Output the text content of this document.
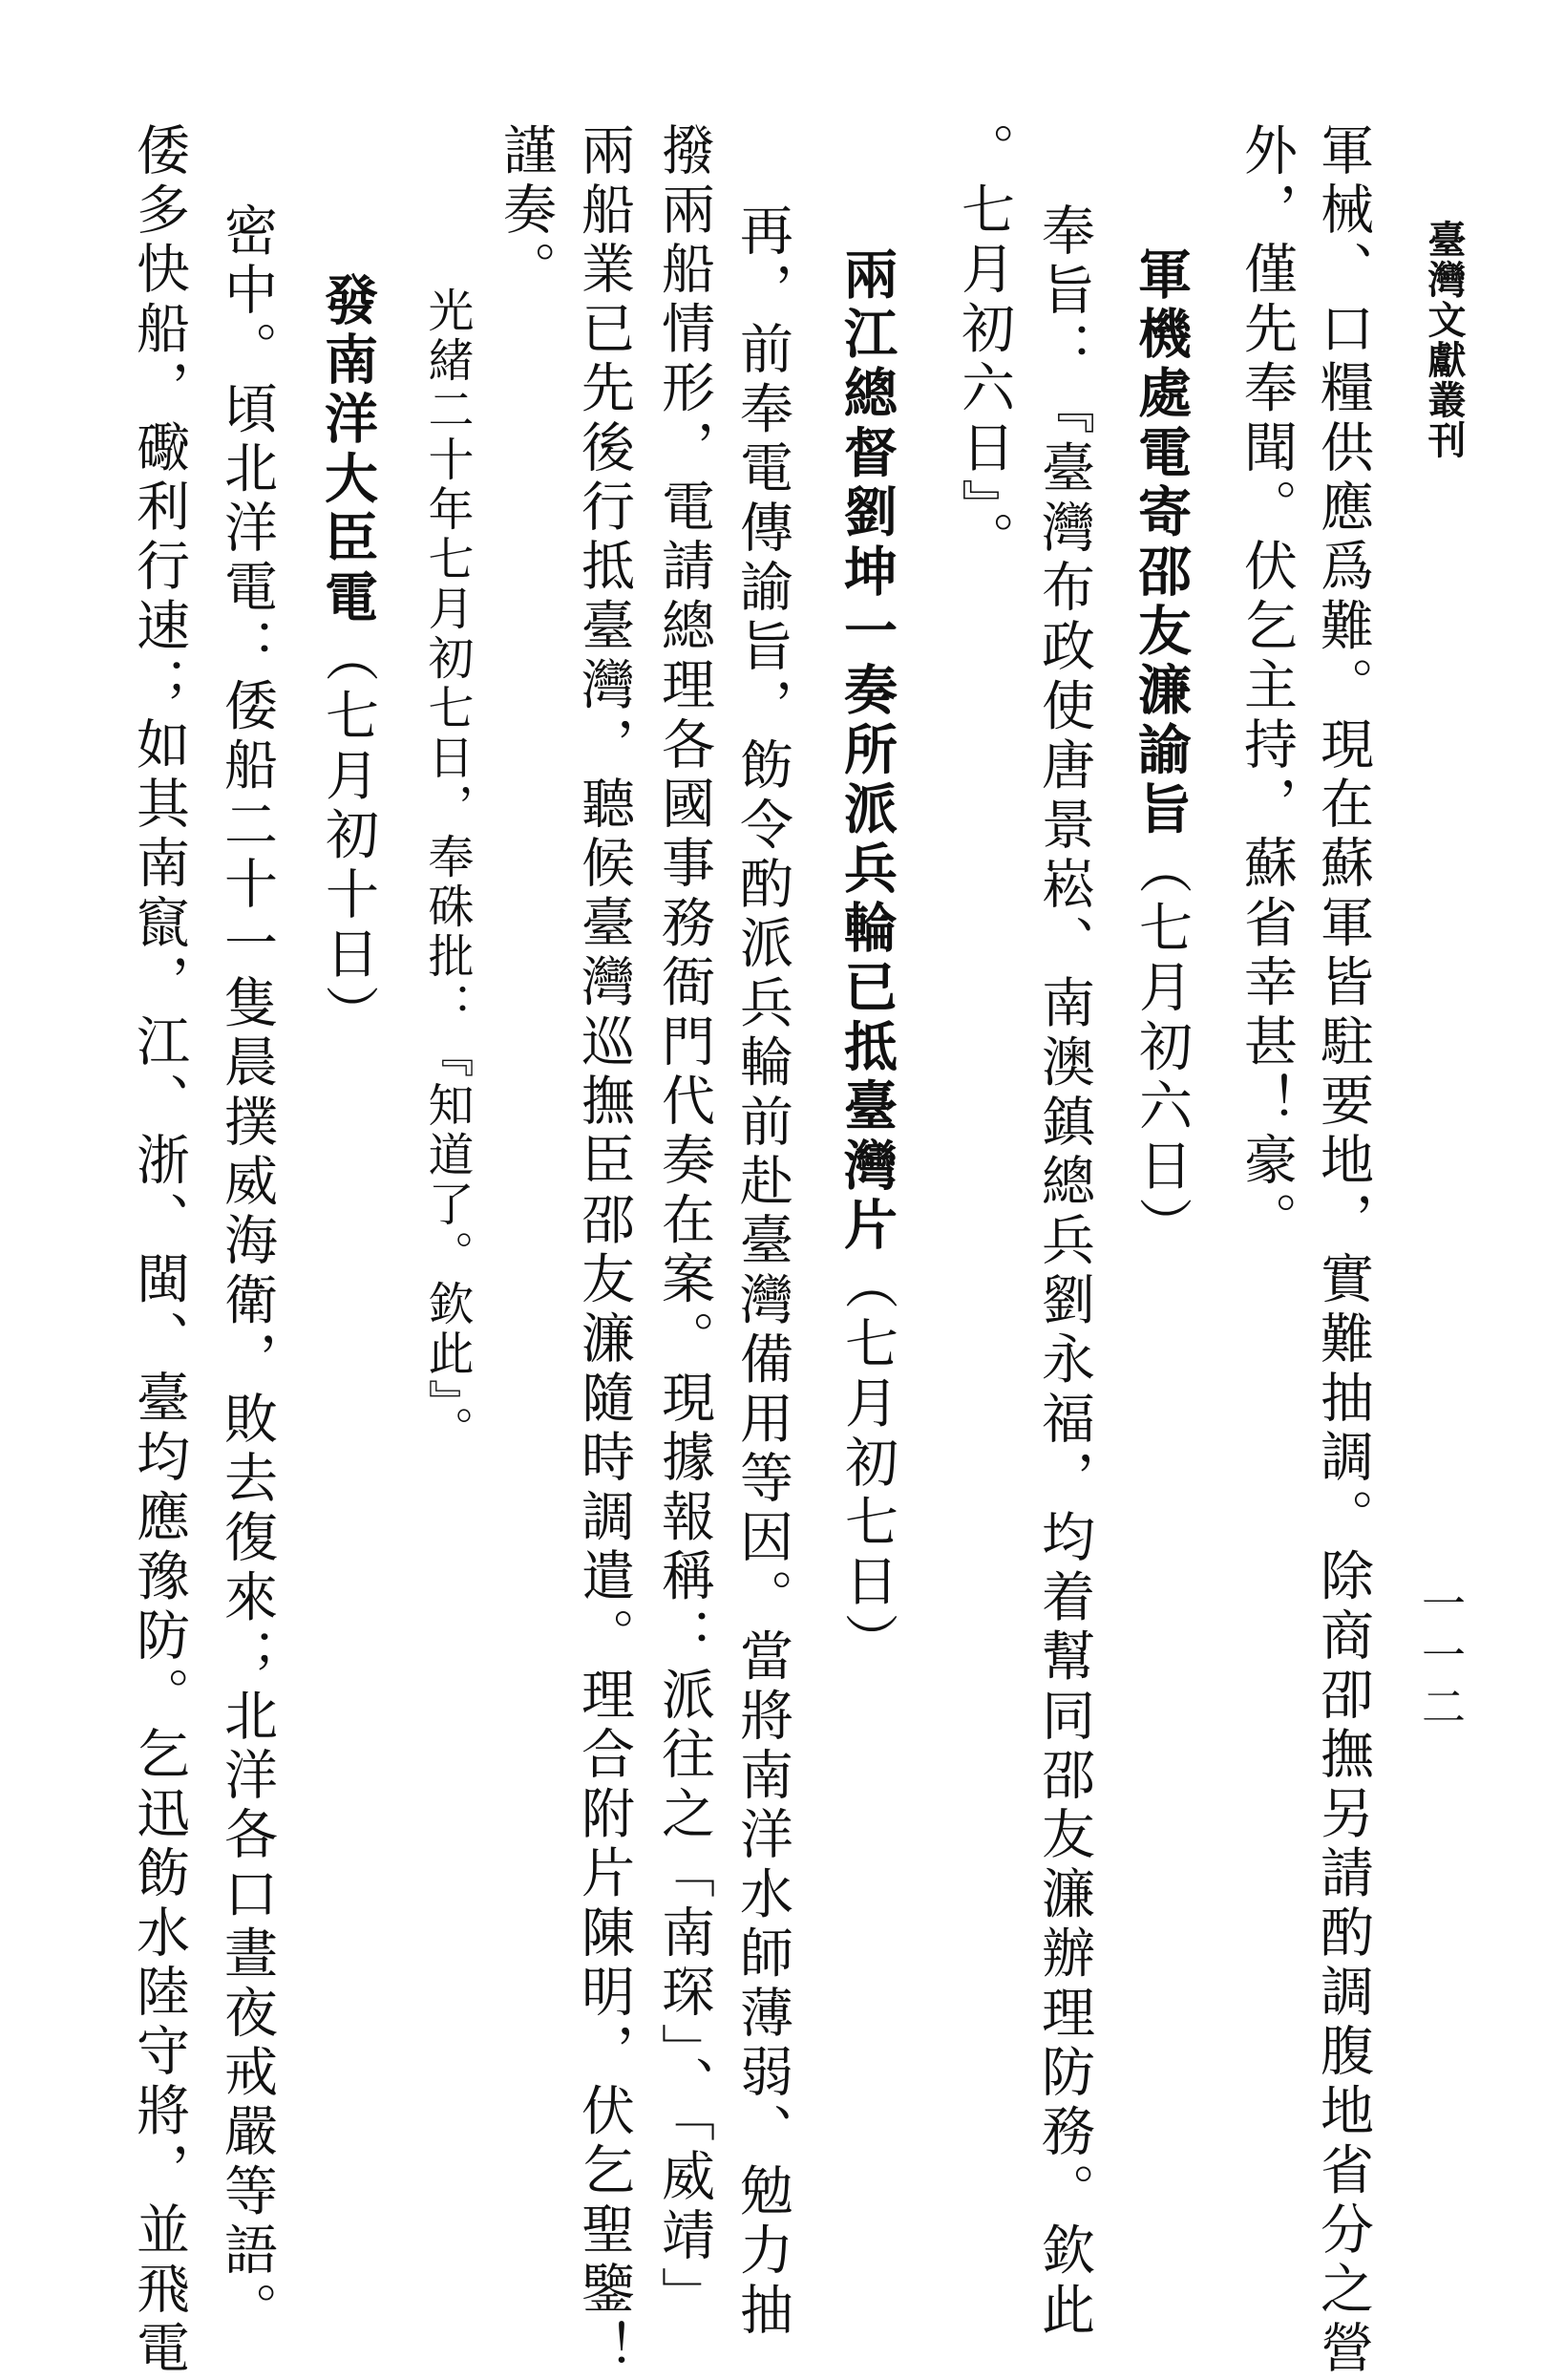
臺灣文獻叢刊
一一二
軍械、口糧供應爲難。現在蘇軍皆駐要地，實難抽調。除商卲撫另請酌調腹地省分之營
外，僅先奉聞。伏乞主持，蘇省幸甚！豪。
軍機處電寄邵友濂諭旨（七月初六日）
奉旨：『臺灣布政使唐景崧、南澳鎮總兵劉永福，均着幫同邵友濂辦理防務。欽此
。七月初六日』。
兩江總督劉坤一奏所派兵輪已抵臺灣片（七月初七日）
再，前奉電傳諭旨，飭令酌派兵輪前赴臺灣備用等因。當將南洋水師薄弱、勉力抽
撥兩船情形，電請總理各國事務衙門代奏在案。現據報稱：派往之「南琛」、「威靖」
兩船業已先後行抵臺灣，聽候臺灣巡撫臣邵友濂隨時調遣。理合附片陳明，伏乞聖鑒！
謹奏。
光緒二十年七月初七日，奉硃批：『知道了。欽此』。
發南洋大臣電（七月初十日）
密中。頃北洋電：倭船二十一隻晨撲威海衛，敗去復來；北洋各口晝夜戒嚴等語。
倭多快船，礮利行速；如其南竄，江、浙、閩、臺均應豫防。乞迅飭水陸守將，並飛電
